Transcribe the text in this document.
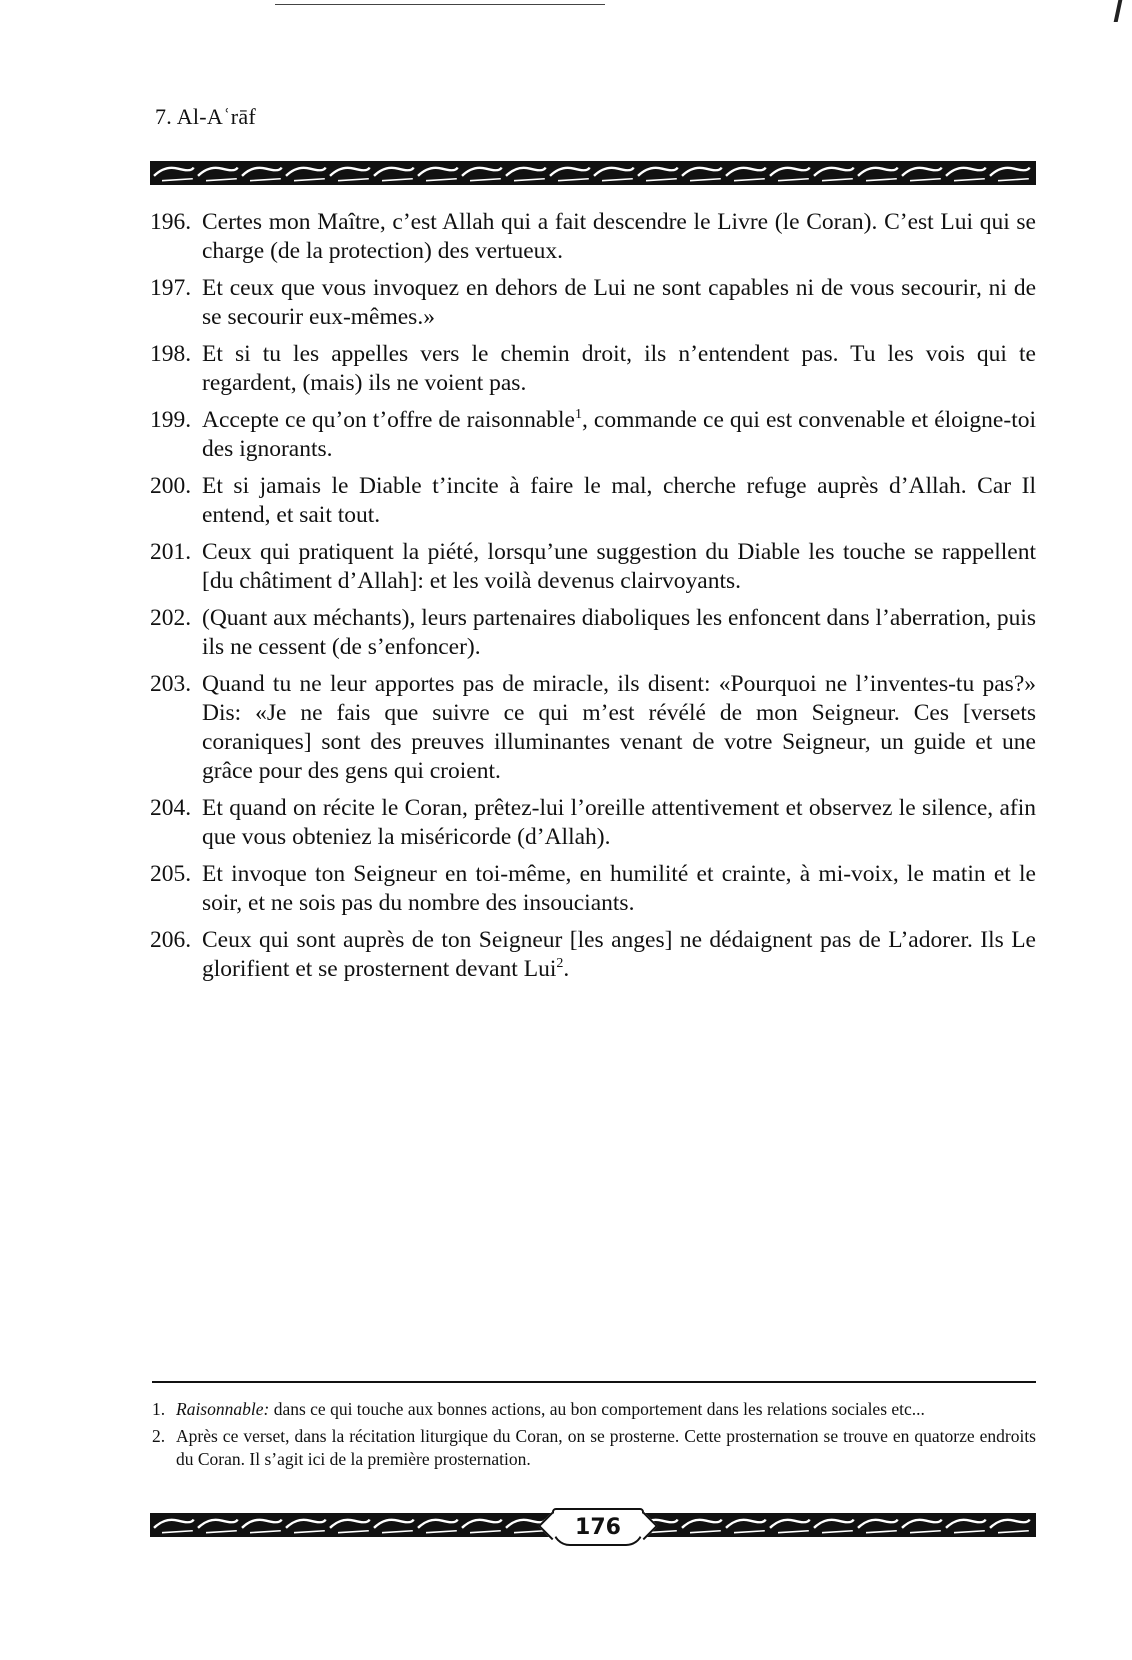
7. Al-Aʿrāf
196. Certes mon Maître, c’est Allah qui a fait descendre le Livre (le Coran). C’est Lui qui se charge (de la protection) des vertueux.
197. Et ceux que vous invoquez en dehors de Lui ne sont capables ni de vous secourir, ni de se secourir eux-mêmes.»
198. Et si tu les appelles vers le chemin droit, ils n’entendent pas. Tu les vois qui te regardent, (mais) ils ne voient pas.
199. Accepte ce qu’on t’offre de raisonnable$^1$, commande ce qui est convenable et éloigne-toi des ignorants.
200. Et si jamais le Diable t’incite à faire le mal, cherche refuge auprès d’Allah. Car Il entend, et sait tout.
201. Ceux qui pratiquent la piété, lorsqu’une suggestion du Diable les touche se rappellent [du châtiment d’Allah]: et les voilà devenus clairvoyants.
202. (Quant aux méchants), leurs partenaires diaboliques les enfoncent dans l’aberration, puis ils ne cessent (de s’enfoncer).
203. Quand tu ne leur apportes pas de miracle, ils disent: «Pourquoi ne l’inventes-tu pas?» Dis: «Je ne fais que suivre ce qui m’est révélé de mon Seigneur. Ces [versets coraniques] sont des preuves illuminantes venant de votre Seigneur, un guide et une grâce pour des gens qui croient.
204. Et quand on récite le Coran, prêtez-lui l’oreille attentivement et observez le silence, afin que vous obteniez la miséricorde (d’Allah).
205. Et invoque ton Seigneur en toi-même, en humilité et crainte, à mi-voix, le matin et le soir, et ne sois pas du nombre des insouciants.
206. Ceux qui sont auprès de ton Seigneur [les anges] ne dédaignent pas de L’adorer. Ils Le glorifient et se prosternent devant Lui$^2$.
1. Raisonnable: dans ce qui touche aux bonnes actions, au bon comportement dans les relations sociales etc...
2. Après ce verset, dans la récitation liturgique du Coran, on se prosterne. Cette prosternation se trouve en quatorze endroits du Coran. Il s’agit ici de la première prosternation.
176
